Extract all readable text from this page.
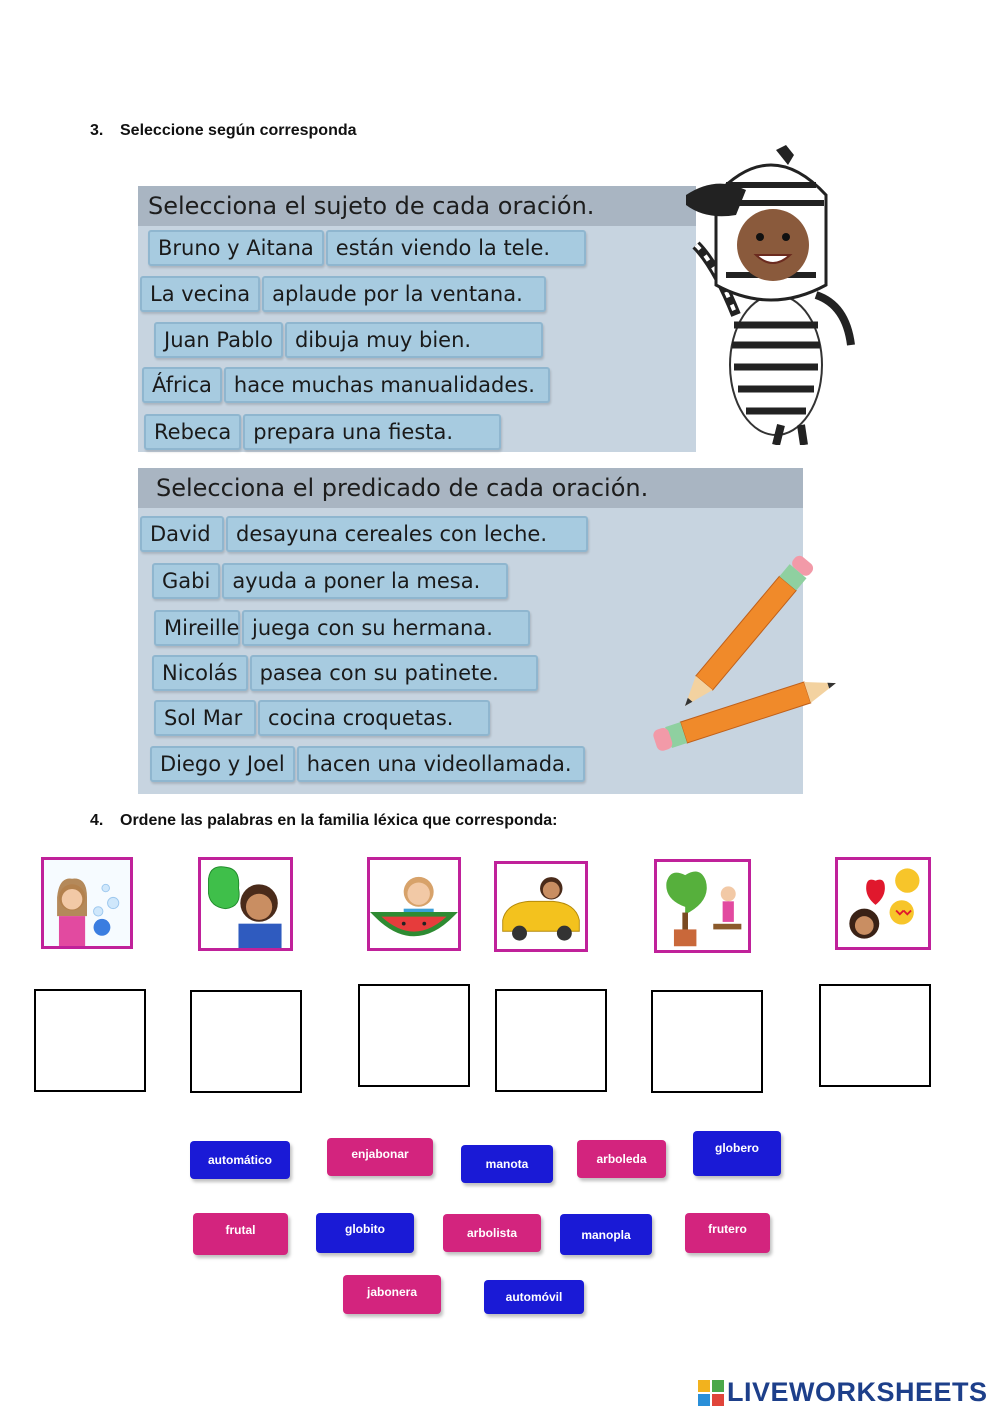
3. Seleccione según corresponda
Selecciona el sujeto de cada oración.
Bruno y Aitana	están viendo la tele.
La vecina	aplaude por la ventana.
Juan Pablo	dibuja muy bien.
África	hace muchas manualidades.
Rebeca	prepara una fiesta.
Selecciona el predicado de cada oración.
David	desayuna cereales con leche.
Gabi	ayuda a poner la mesa.
Mireille juega con su hermana.
Nicolás	pasea con su patinete.
Sol Mar	cocina croquetas.
Diego y Joel	hacen una videollamada.
4. Ordene las palabras en la familia léxica que corresponda:
automático	enjabonar
manota	arboleda
globero
frutal	globito	arbolista	manopla	frutero
jabonera	automóvil
LIVEWORKSHEETS
